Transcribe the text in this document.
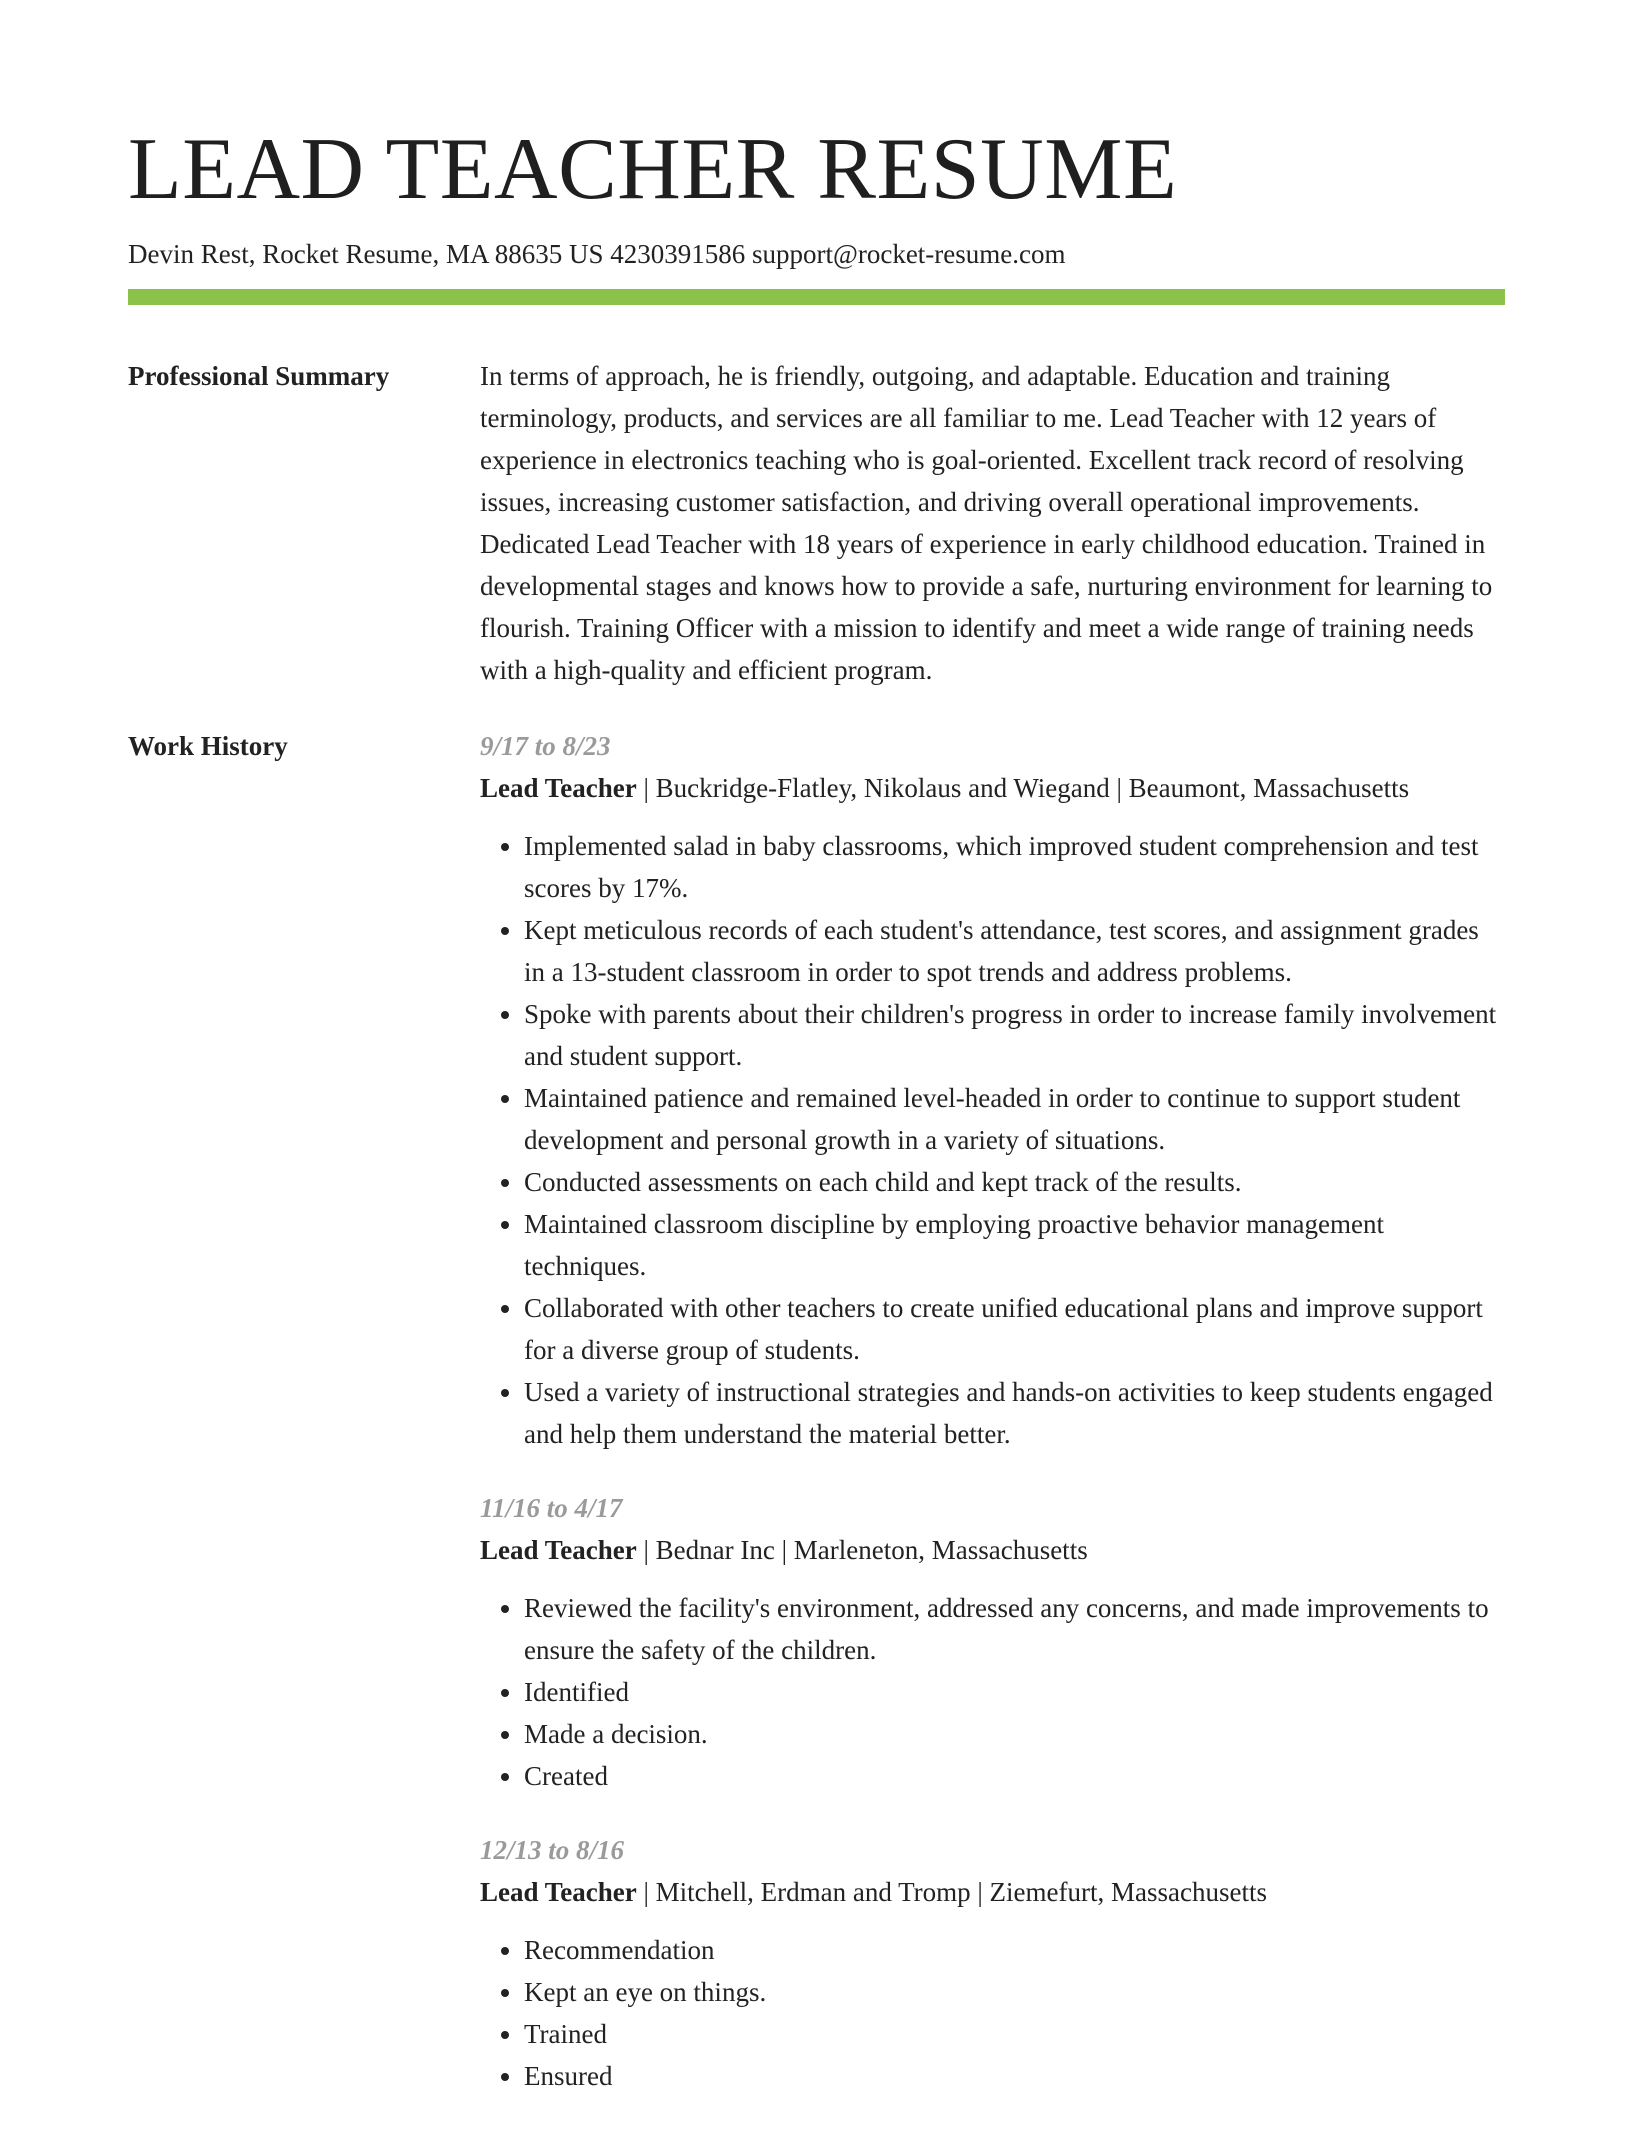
LEAD TEACHER RESUME
Devin Rest, Rocket Resume, MA 88635 US 4230391586 support@rocket-resume.com
Professional Summary	In terms of approach, he is friendly, outgoing, and adaptable. Education and training terminology, products, and services are all familiar to me. Lead Teacher with 12 years of experience in electronics teaching who is goal-oriented. Excellent track record of resolving issues, increasing customer satisfaction, and driving overall operational improvements. Dedicated Lead Teacher with 18 years of experience in early childhood education. Trained in developmental stages and knows how to provide a safe, nurturing environment for learning to flourish. Training Officer with a mission to identify and meet a wide range of training needs with a high-quality and efficient program.

Work History	9/17 to 8/23
Lead Teacher | Buckridge-Flatley, Nikolaus and Wiegand | Beaumont, Massachusetts
• Implemented salad in baby classrooms, which improved student comprehension and test scores by 17%.
• Kept meticulous records of each student's attendance, test scores, and assignment grades in a 13-student classroom in order to spot trends and address problems.
• Spoke with parents about their children's progress in order to increase family involvement and student support.
• Maintained patience and remained level-headed in order to continue to support student development and personal growth in a variety of situations.
• Conducted assessments on each child and kept track of the results.
• Maintained classroom discipline by employing proactive behavior management techniques.
• Collaborated with other teachers to create unified educational plans and improve support for a diverse group of students.
• Used a variety of instructional strategies and hands-on activities to keep students engaged and help them understand the material better.
11/16 to 4/17
Lead Teacher | Bednar Inc | Marleneton, Massachusetts
• Reviewed the facility's environment, addressed any concerns, and made improvements to ensure the safety of the children.
• Identified
• Made a decision.
• Created
12/13 to 8/16
Lead Teacher | Mitchell, Erdman and Tromp | Ziemefurt, Massachusetts
• Recommendation
• Kept an eye on things.
• Trained
• Ensured
